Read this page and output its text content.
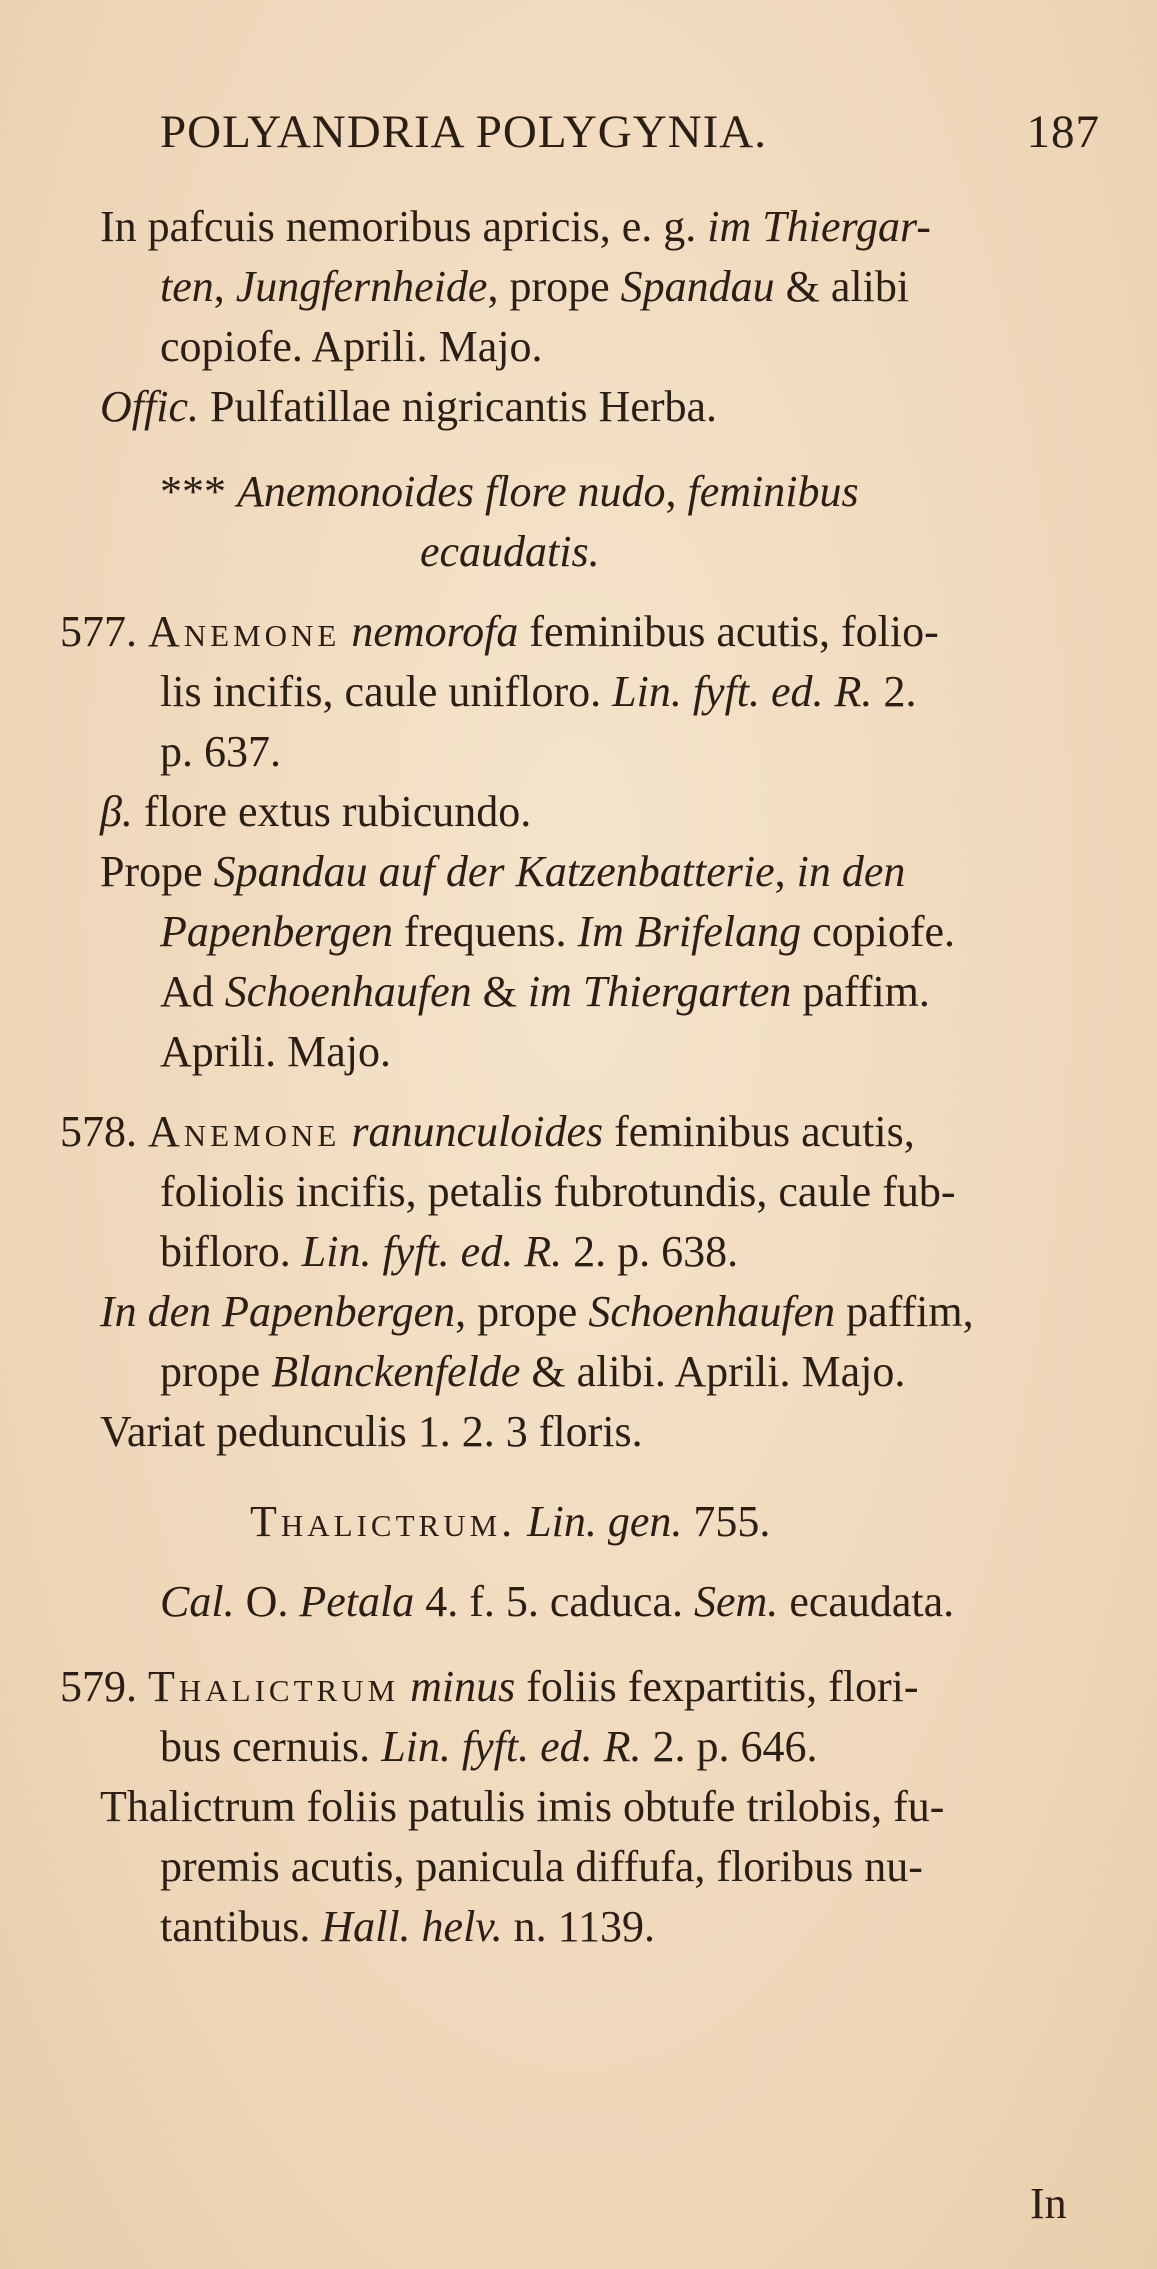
POLYANDRIA POLYGYNIA.	187
In pafcuis nemoribus apricis, e. g. im Thiergar-
ten, Jungfernheide, prope Spandau & alibi
copiofe. Aprili. Majo.
Offic. Pulfatillae nigricantis Herba.
*** Anemonoides flore nudo, feminibus
ecaudatis.
577. Anemone nemorofa feminibus acutis, folio-
lis incifis, caule unifloro. Lin. fyft. ed. R. 2.
p. 637.
β. flore extus rubicundo.
Prope Spandau auf der Katzenbatterie, in den
Papenbergen frequens. Im Brifelang copiofe.
Ad Schoenhaufen & im Thiergarten paffim.
Aprili. Majo.
578. Anemone ranunculoides feminibus acutis,
foliolis incifis, petalis fubrotundis, caule fub-
bifloro. Lin. fyft. ed. R. 2. p. 638.
In den Papenbergen, prope Schoenhaufen paffim,
prope Blanckenfelde & alibi. Aprili. Majo.
Variat pedunculis 1. 2. 3 floris.
Thalictrum. Lin. gen. 755.
Cal. O. Petala 4. f. 5. caduca. Sem. ecaudata.
579. Thalictrum minus foliis fexpartitis, flori-
bus cernuis. Lin. fyft. ed. R. 2. p. 646.
Thalictrum foliis patulis imis obtufe trilobis, fu-
premis acutis, panicula diffufa, floribus nu-
tantibus. Hall. helv. n. 1139.
In
